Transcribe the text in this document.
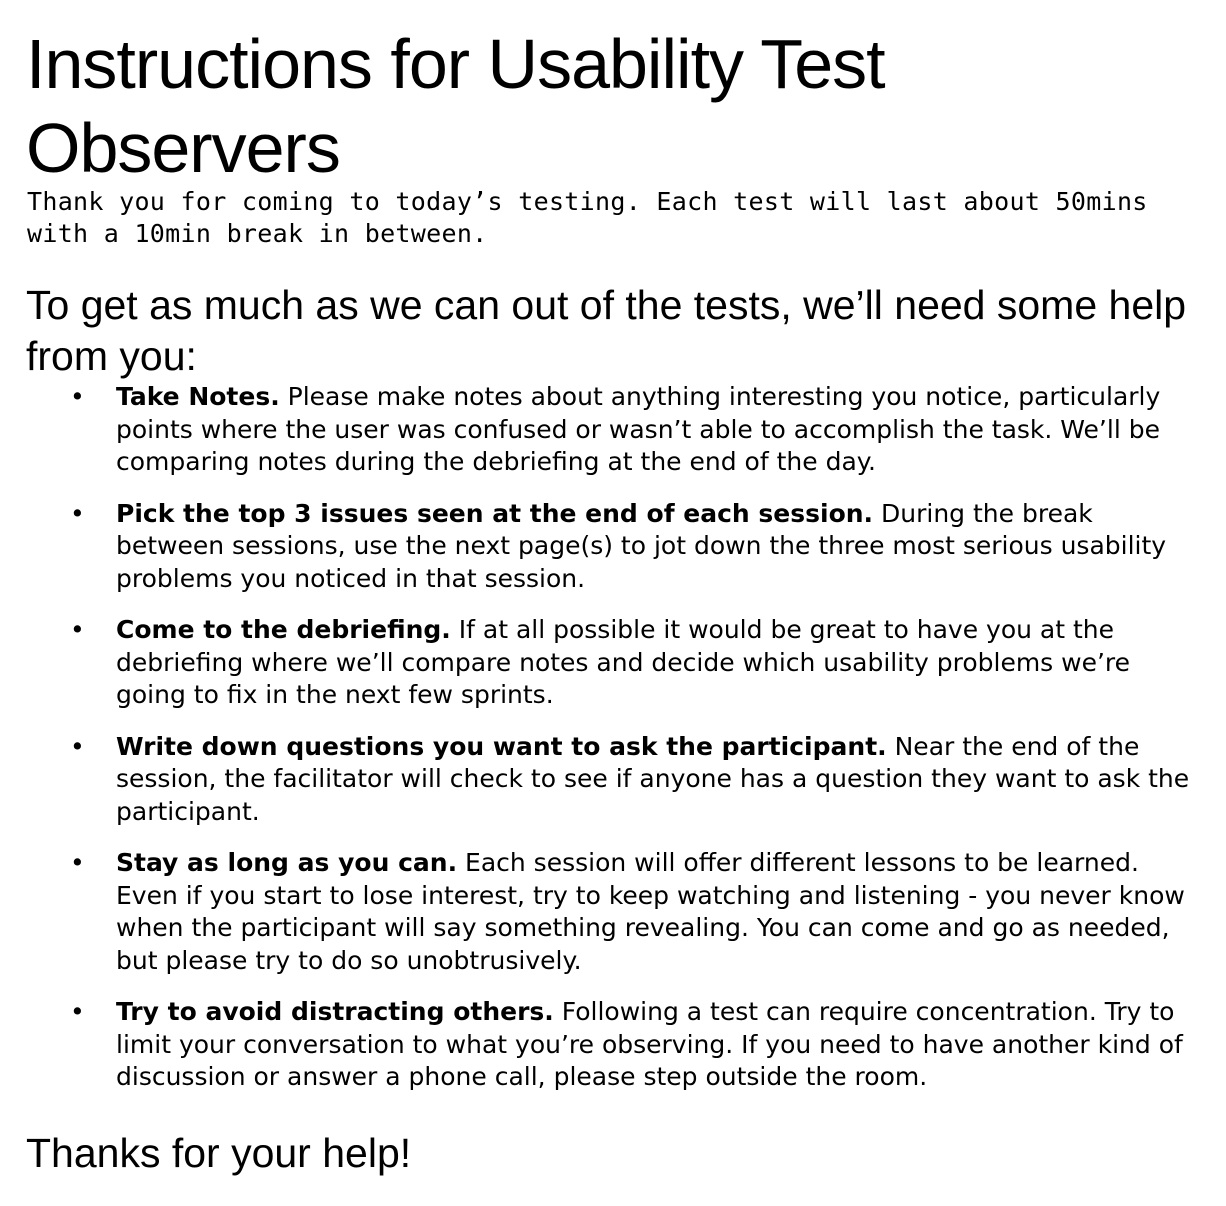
Instructions for Usability Test Observers

Thank you for coming to today’s testing. Each test will last about 50mins with a 10min break in between.

To get as much as we can out of the tests, we’ll need some help from you:

• Take Notes. Please make notes about anything interesting you notice, particularly points where the user was confused or wasn’t able to accomplish the task. We’ll be comparing notes during the debriefing at the end of the day.
• Pick the top 3 issues seen at the end of each session. During the break between sessions, use the next page(s) to jot down the three most serious usability problems you noticed in that session.
• Come to the debriefing. If at all possible it would be great to have you at the debriefing where we’ll compare notes and decide which usability problems we’re going to fix in the next few sprints.
• Write down questions you want to ask the participant. Near the end of the session, the facilitator will check to see if anyone has a question they want to ask the participant.
• Stay as long as you can. Each session will offer different lessons to be learned. Even if you start to lose interest, try to keep watching and listening - you never know when the participant will say something revealing. You can come and go as needed, but please try to do so unobtrusively.
• Try to avoid distracting others. Following a test can require concentration. Try to limit your conversation to what you’re observing. If you need to have another kind of discussion or answer a phone call, please step outside the room.

Thanks for your help!
